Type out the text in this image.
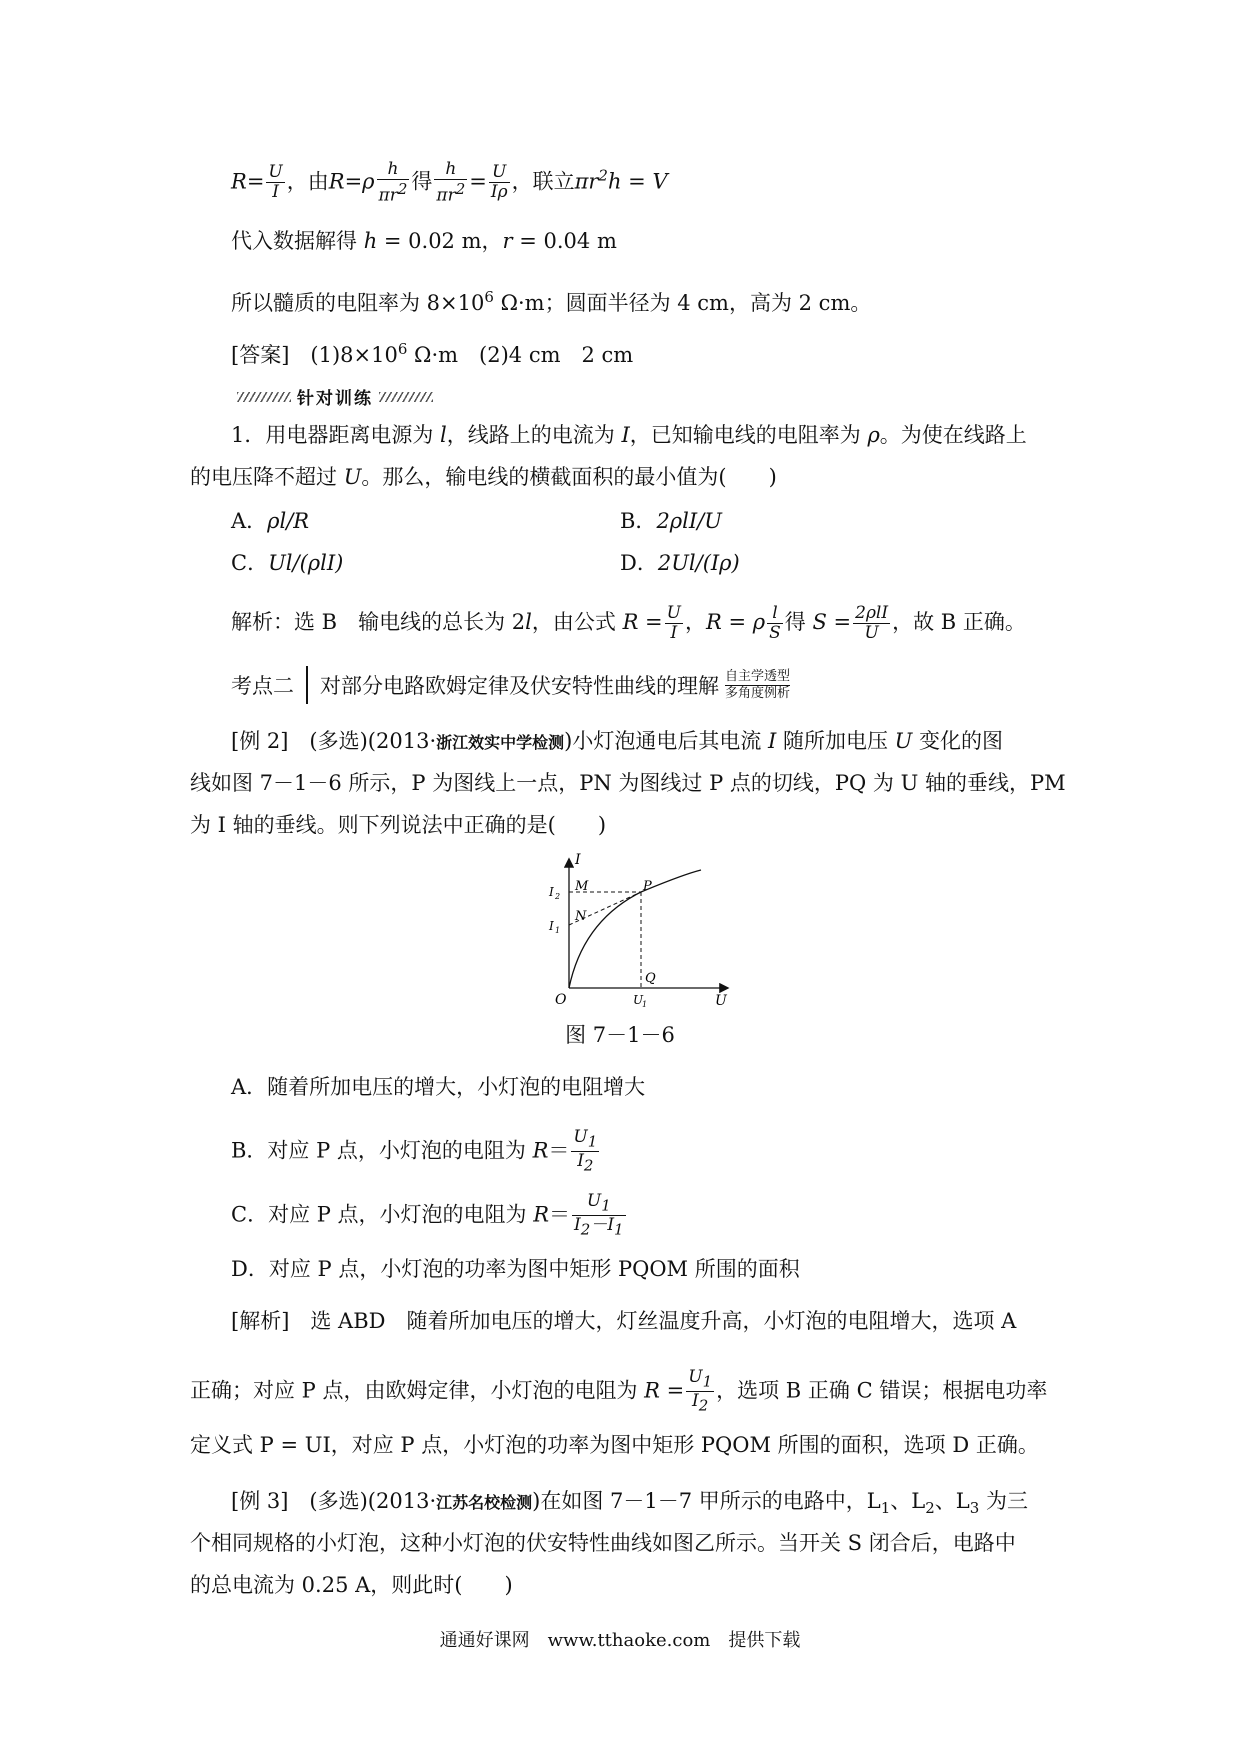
$R= \frac{U}{I}$ ，由$R=\rho \frac{h}{\pi r^2}$ 得 $\frac{h}{\pi r^2} = \frac{U}{I\rho}$ ，联立$\pi r^2h = V$
代入数据解得 h = 0.02 m，r = 0.04 m
所以髓质的电阻率为 $8\times 10^6$ Ω·m；圆面半径为 4 cm，高为 2 cm。
[答案]　$(1)8\times 10^6$ Ω·m　(2)4 cm　2 cm
针对训练
1．用电器距离电源为 l，线路上的电流为 I，已知输电线的电阻率为 ρ。为使在线路上
的电压降不超过 U。那么，输电线的横截面积的最小值为(　　)
A．ρl/R	B．2ρlI/U
C．Ul/(ρlI)	D．2Ul/(Iρ)
解析：选 B　输电线的总长为 2l，由公式 $R = \frac{U}{I}$ ，R = ρ $\frac{l}{S}$ 得 $S = \frac{\text{2ρlI}}{U}$ ，故 B 正确。
考点二 对部分电路欧姆定律及伏安特性曲线的理解 自主学透型
多角度例析
[例 2]　(多选)(2013·浙江效实中学检测)小灯泡通电后其电流 I 随所加电压 U 变化的图
线如图 7－1－6 所示，P 为图线上一点，PN 为图线过 P 点的切线，PQ 为 U 轴的垂线，PM
为 I 轴的垂线。则下列说法中正确的是(　　)
I
U
O
M	P
N
Q
I 2
I 1
U
1
图 7－1－6
A．随着所加电压的增大，小灯泡的电阻增大
B．对应 P 点，小灯泡的电阻为 $R= \frac{U_1}{I_2}$
C．对应 P 点，小灯泡的电阻为 $R= \frac{U_1}{I_2-I_1}$
D．对应 P 点，小灯泡的功率为图中矩形 PQOM 所围的面积
[解析]　选 ABD　随着所加电压的增大，灯丝温度升高，小灯泡的电阻增大，选项 A
正确；对应 P 点，由欧姆定律，小灯泡的电阻为 $R = \frac{U_1}{I_2}$ ，选项 B 正确 C 错误；根据电功率
定义式 P = UI，对应 P 点，小灯泡的功率为图中矩形 PQOM 所围的面积，选项 D 正确。
[例 3]　(多选)(2013·江苏名校检测)在如图 7－1－7 甲所示的电路中，$L_1$、$L_2$、$L_3$ 为三
个相同规格的小灯泡，这种小灯泡的伏安特性曲线如图乙所示。当开关 S 闭合后，电路中
的总电流为 0.25 A，则此时(　　)
通通好课网　www.tthaoke.com　提供下载
